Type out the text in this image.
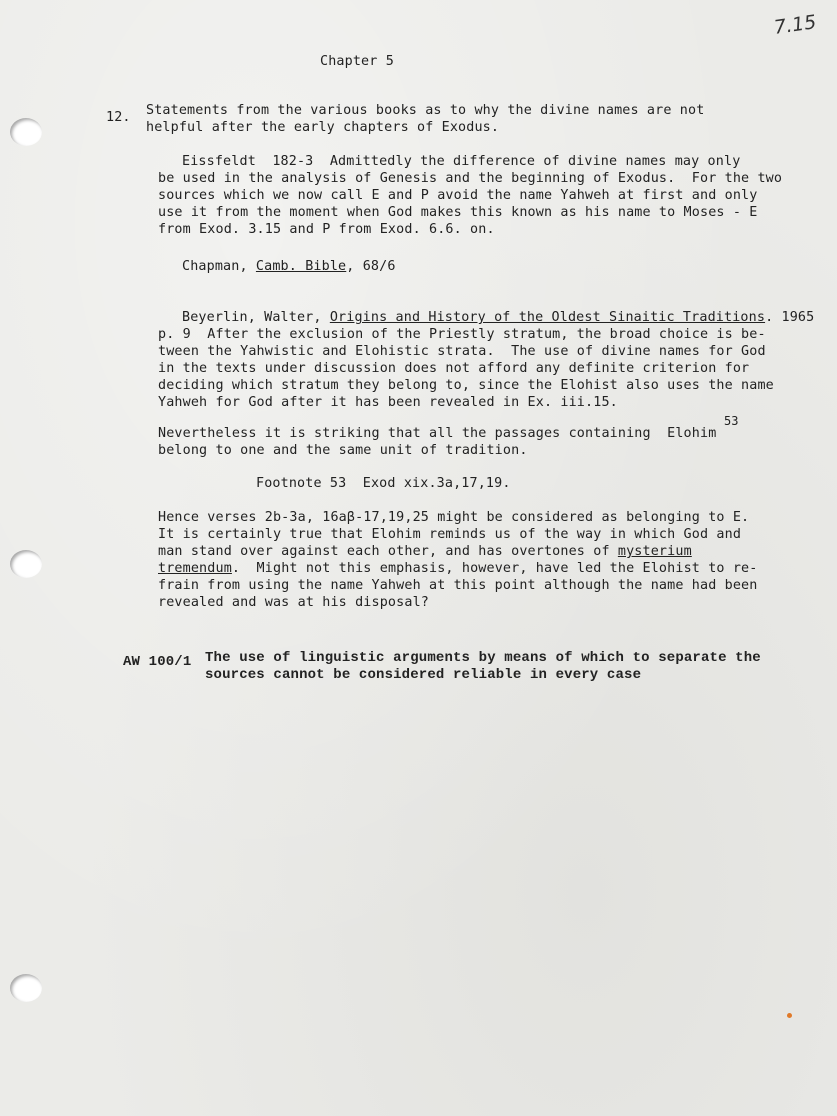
7.15
Chapter 5
12. Statements from the various books as to why the divine names are not
helpful after the early chapters of Exodus.
Eissfeldt  182-3  Admittedly the difference of divine names may only
be used in the analysis of Genesis and the beginning of Exodus.  For the two
sources which we now call E and P avoid the name Yahweh at first and only
use it from the moment when God makes this known as his name to Moses - E
from Exod. 3.15 and P from Exod. 6.6. on.
Chapman, Camb. Bible, 68/6
Beyerlin, Walter, Origins and History of the Oldest Sinaitic Traditions. 1965
p. 9  After the exclusion of the Priestly stratum, the broad choice is be-
tween the Yahwistic and Elohistic strata.  The use of divine names for God
in the texts under discussion does not afford any definite criterion for
deciding which stratum they belong to, since the Elohist also uses the name
Yahweh for God after it has been revealed in Ex. iii.15.
53
Nevertheless it is striking that all the passages containing  Elohim
belong to one and the same unit of tradition.
Footnote 53  Exod xix.3a,17,19.
Hence verses 2b-3a, 16aβ-17,19,25 might be considered as belonging to E.
It is certainly true that Elohim reminds us of the way in which God and
man stand over against each other, and has overtones of mysterium
tremendum.  Might not this emphasis, however, have led the Elohist to re-
frain from using the name Yahweh at this point although the name had been
revealed and was at his disposal?
AW 100/1 The use of linguistic arguments by means of which to separate the
sources cannot be considered reliable in every case
